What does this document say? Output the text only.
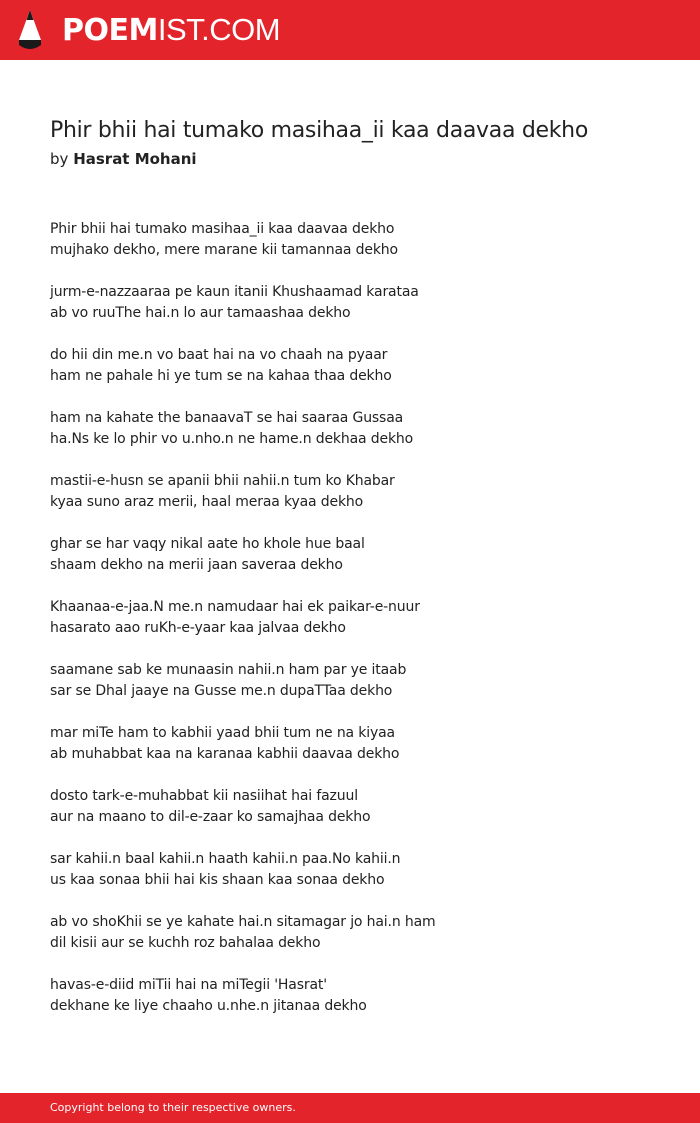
POEMIST.COM
Phir bhii hai tumako masihaa_ii kaa daavaa dekho
by Hasrat Mohani
Phir bhii hai tumako masihaa_ii kaa daavaa dekho
mujhako dekho, mere marane kii tamannaa dekho
jurm-e-nazzaaraa pe kaun itanii Khushaamad karataa
ab vo ruuThe hai.n lo aur tamaashaa dekho
do hii din me.n vo baat hai na vo chaah na pyaar
ham ne pahale hi ye tum se na kahaa thaa dekho
ham na kahate the banaavaT se hai saaraa Gussaa
ha.Ns ke lo phir vo u.nho.n ne hame.n dekhaa dekho
mastii-e-husn se apanii bhii nahii.n tum ko Khabar
kyaa suno araz merii, haal meraa kyaa dekho
ghar se har vaqy nikal aate ho khole hue baal
shaam dekho na merii jaan saveraa dekho
Khaanaa-e-jaa.N me.n namudaar hai ek paikar-e-nuur
hasarato aao ruKh-e-yaar kaa jalvaa dekho
saamane sab ke munaasin nahii.n ham par ye itaab
sar se Dhal jaaye na Gusse me.n dupaTTaa dekho
mar miTe ham to kabhii yaad bhii tum ne na kiyaa
ab muhabbat kaa na karanaa kabhii daavaa dekho
dosto tark-e-muhabbat kii nasiihat hai fazuul
aur na maano to dil-e-zaar ko samajhaa dekho
sar kahii.n baal kahii.n haath kahii.n paa.No kahii.n
us kaa sonaa bhii hai kis shaan kaa sonaa dekho
ab vo shoKhii se ye kahate hai.n sitamagar jo hai.n ham
dil kisii aur se kuchh roz bahalaa dekho
havas-e-diid miTii hai na miTegii 'Hasrat'
dekhane ke liye chaaho u.nhe.n jitanaa dekho
Copyright belong to their respective owners.
